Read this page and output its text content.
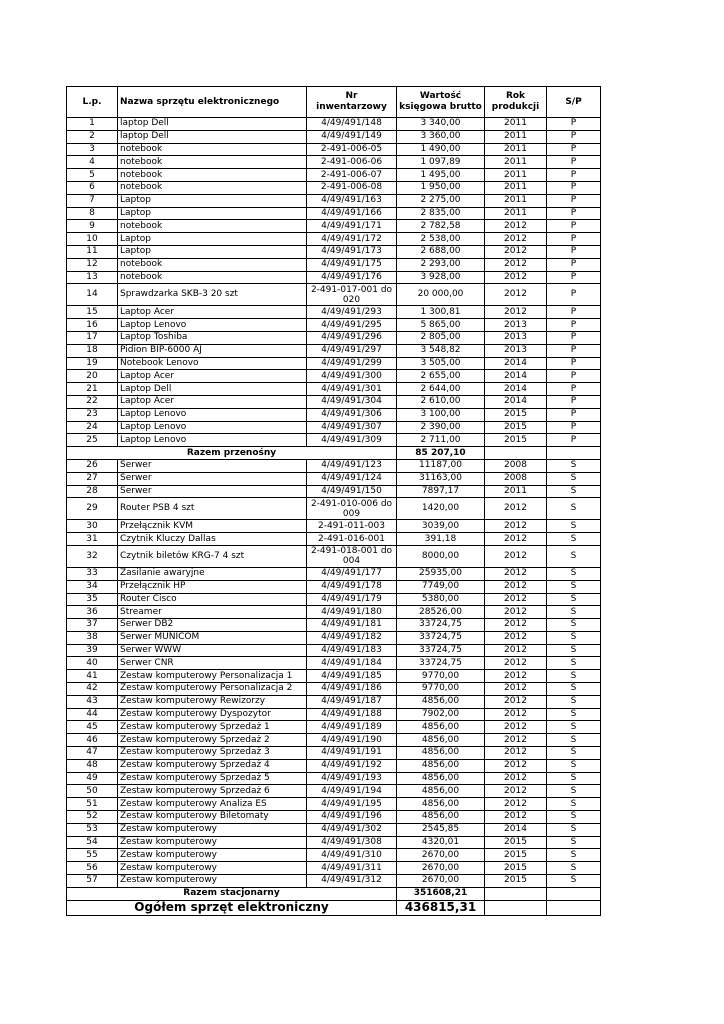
L.p.	Nazwa sprzętu elektronicznego	Nr inwentarzowy	Wartość księgowa brutto	Rok produkcji	S/P
1	laptop Dell	4/49/491/148	3 340,00	2011	P
2	laptop Dell	4/49/491/149	3 360,00	2011	P
3	notebook	2-491-006-05	1 490,00	2011	P
4	notebook	2-491-006-06	1 097,89	2011	P
5	notebook	2-491-006-07	1 495,00	2011	P
6	notebook	2-491-006-08	1 950,00	2011	P
7	Laptop	4/49/491/163	2 275,00	2011	P
8	Laptop	4/49/491/166	2 835,00	2011	P
9	notebook	4/49/491/171	2 782,58	2012	P
10	Laptop	4/49/491/172	2 538,00	2012	P
11	Laptop	4/49/491/173	2 688,00	2012	P
12	notebook	4/49/491/175	2 293,00	2012	P
13	notebook	4/49/491/176	3 928,00	2012	P
14	Sprawdzarka SKB-3 20 szt	2-491-017-001 do 020	20 000,00	2012	P
15	Laptop Acer	4/49/491/293	1 300,81	2012	P
16	Laptop Lenovo	4/49/491/295	5 865,00	2013	P
17	Laptop Toshiba	4/49/491/296	2 805,00	2013	P
18	Pidion BIP-6000 AJ	4/49/491/297	3 548,82	2013	P
19	Notebook Lenovo	4/49/491/299	3 505,00	2014	P
20	Laptop Acer	4/49/491/300	2 655,00	2014	P
21	Laptop Dell	4/49/491/301	2 644,00	2014	P
22	Laptop Acer	4/49/491/304	2 610,00	2014	P
23	Laptop Lenovo	4/49/491/306	3 100,00	2015	P
24	Laptop Lenovo	4/49/491/307	2 390,00	2015	P
25	Laptop Lenovo	4/49/491/309	2 711,00	2015	P
Razem przenośny			85 207,10		
26	Serwer	4/49/491/123	11187,00	2008	S
27	Serwer	4/49/491/124	31163,00	2008	S
28	Serwer	4/49/491/150	7897,17	2011	S
29	Router PSB 4 szt	2-491-010-006 do 009	1420,00	2012	S
30	Przełącznik KVM	2-491-011-003	3039,00	2012	S
31	Czytnik Kluczy Dallas	2-491-016-001	391,18	2012	S
32	Czytnik biletów KRG-7 4 szt	2-491-018-001 do 004	8000,00	2012	S
33	Zasilanie awaryjne	4/49/491/177	25935,00	2012	S
34	Przełącznik HP	4/49/491/178	7749,00	2012	S
35	Router Cisco	4/49/491/179	5380,00	2012	S
36	Streamer	4/49/491/180	28526,00	2012	S
37	Serwer DB2	4/49/491/181	33724,75	2012	S
38	Serwer MUNICOM	4/49/491/182	33724,75	2012	S
39	Serwer WWW	4/49/491/183	33724,75	2012	S
40	Serwer CNR	4/49/491/184	33724,75	2012	S
41	Zestaw komputerowy Personalizacja 1	4/49/491/185	9770,00	2012	S
42	Zestaw komputerowy Personalizacja 2	4/49/491/186	9770,00	2012	S
43	Zestaw komputerowy Rewizorzy	4/49/491/187	4856,00	2012	S
44	Zestaw komputerowy Dyspozytor	4/49/491/188	7902,00	2012	S
45	Zestaw komputerowy Sprzedaż 1	4/49/491/189	4856,00	2012	S
46	Zestaw komputerowy Sprzedaż 2	4/49/491/190	4856,00	2012	S
47	Zestaw komputerowy Sprzedaż 3	4/49/491/191	4856,00	2012	S
48	Zestaw komputerowy Sprzedaż 4	4/49/491/192	4856,00	2012	S
49	Zestaw komputerowy Sprzedaż 5	4/49/491/193	4856,00	2012	S
50	Zestaw komputerowy Sprzedaż 6	4/49/491/194	4856,00	2012	S
51	Zestaw komputerowy Analiza ES	4/49/491/195	4856,00	2012	S
52	Zestaw komputerowy Biletomaty	4/49/491/196	4856,00	2012	S
53	Zestaw komputerowy	4/49/491/302	2545,85	2014	S
54	Zestaw komputerowy	4/49/491/308	4320,01	2015	S
55	Zestaw komputerowy	4/49/491/310	2670,00	2015	S
56	Zestaw komputerowy	4/49/491/311	2670,00	2015	S
57	Zestaw komputerowy	4/49/491/312	2670,00	2015	S
Razem stacjonarny			351608,21		
Ogółem sprzęt elektroniczny			436815,31		
